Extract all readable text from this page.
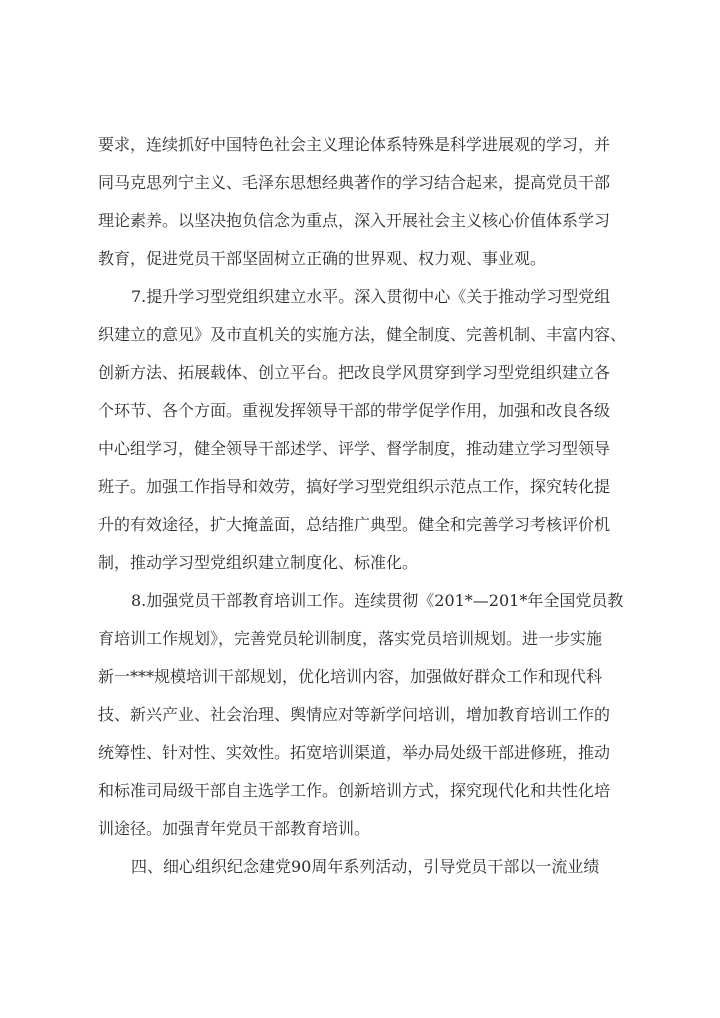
要求，连续抓好中国特色社会主义理论体系特殊是科学进展观的学习，并
同马克思列宁主义、毛泽东思想经典著作的学习结合起来，提高党员干部
理论素养。以坚决抱负信念为重点，深入开展社会主义核心价值体系学习
教育，促进党员干部坚固树立正确的世界观、权力观、事业观。
7.提升学习型党组织建立水平。深入贯彻中心《关于推动学习型党组
织建立的意见》及市直机关的实施方法，健全制度、完善机制、丰富内容、
创新方法、拓展载体、创立平台。把改良学风贯穿到学习型党组织建立各
个环节、各个方面。重视发挥领导干部的带学促学作用，加强和改良各级
中心组学习，健全领导干部述学、评学、督学制度，推动建立学习型领导
班子。加强工作指导和效劳，搞好学习型党组织示范点工作，探究转化提
升的有效途径，扩大掩盖面，总结推广典型。健全和完善学习考核评价机
制，推动学习型党组织建立制度化、标准化。
8.加强党员干部教育培训工作。连续贯彻《201*—201*年全国党员教
育培训工作规划》，完善党员轮训制度，落实党员培训规划。进一步实施
新一***规模培训干部规划，优化培训内容，加强做好群众工作和现代科
技、新兴产业、社会治理、舆情应对等新学问培训，增加教育培训工作的
统筹性、针对性、实效性。拓宽培训渠道，举办局处级干部进修班，推动
和标准司局级干部自主选学工作。创新培训方式，探究现代化和共性化培
训途径。加强青年党员干部教育培训。
四、细心组织纪念建党90周年系列活动，引导党员干部以一流业绩
